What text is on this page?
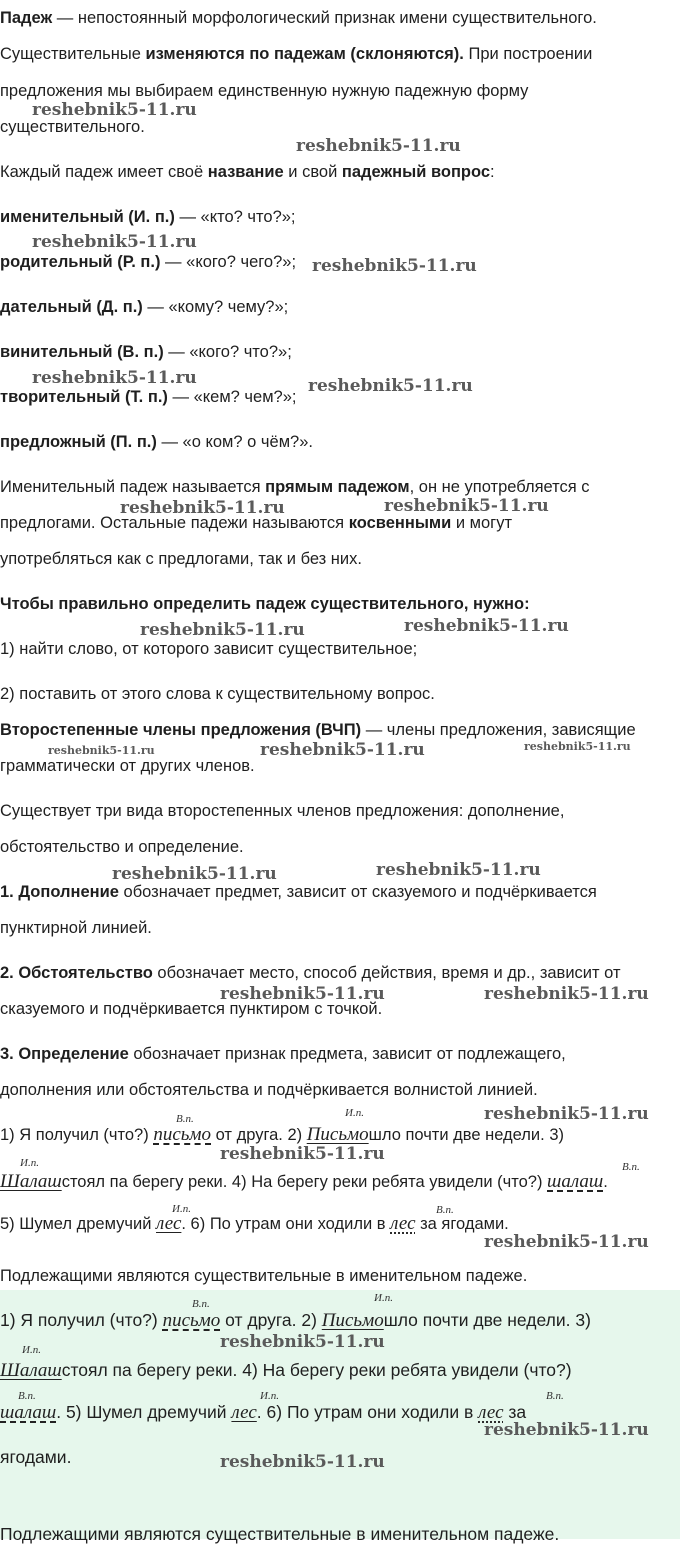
Падеж — непостоянный морфологический признак имени существительного.
Существительные изменяются по падежам (склоняются). При построении
предложения мы выбираем единственную нужную падежную форму
существительного.
Каждый падеж имеет своё название и свой падежный вопрос:
именительный (И. п.) — «кто? что?»;
родительный (Р. п.) — «кого? чего?»;
дательный (Д. п.) — «кому? чему?»;
винительный (В. п.) — «кого? что?»;
творительный (Т. п.) — «кем? чем?»;
предложный (П. п.) — «о ком? о чём?».
Именительный падеж называется прямым падежом, он не употребляется с
предлогами. Остальные падежи называются косвенными и могут
употребляться как с предлогами, так и без них.
Чтобы правильно определить падеж существительного, нужно:
1) найти слово, от которого зависит существительное;
2) поставить от этого слова к существительному вопрос.
Второстепенные члены предложения (ВЧП) — члены предложения, зависящие
грамматически от других членов.
Существует три вида второстепенных членов предложения: дополнение,
обстоятельство и определение.
1. Дополнение обозначает предмет, зависит от сказуемого и подчёркивается
пунктирной линией.
2. Обстоятельство обозначает место, способ действия, время и др., зависит от
сказуемого и подчёркивается пунктиром с точкой.
3. Определение обозначает признак предмета, зависит от подлежащего,
дополнения или обстоятельства и подчёркивается волнистой линией.
1) Я получил (что?) письмо от друга. 2) Письмошло почти две недели. 3)
В.п.	И.п.
Шалашстоял па берегу реки. 4) На берегу реки ребята увидели (что?) шалаш.
И.п.	В.п.
5) Шумел дремучий лес. 6) По утрам они ходили в лес за ягодами.
И.п.	В.п.
Подлежащими являются существительные в именительном падеже.
1) Я получил (что?) письмо от друга. 2) Письмошло почти две недели. 3)
В.п.	И.п.
Шалашстоял па берегу реки. 4) На берегу реки ребята увидели (что?)
И.п.
шалаш. 5) Шумел дремучий лес. 6) По утрам они ходили в лес за
В.п.	И.п.	В.п.
ягодами.
Подлежащими являются существительные в именительном падеже.
reshebnik5-11.ru
reshebnik5-11.ru
reshebnik5-11.ru
reshebnik5-11.ru
reshebnik5-11.ru	reshebnik5-11.ru
reshebnik5-11.ru	reshebnik5-11.ru
reshebnik5-11.ru	reshebnik5-11.ru
reshebnik5-11.ru	reshebnik5-11.ru	reshebnik5-11.ru
reshebnik5-11.ru	reshebnik5-11.ru
reshebnik5-11.ru	reshebnik5-11.ru
reshebnik5-11.ru
reshebnik5-11.ru
reshebnik5-11.ru
reshebnik5-11.ru
reshebnik5-11.ru
reshebnik5-11.ru
